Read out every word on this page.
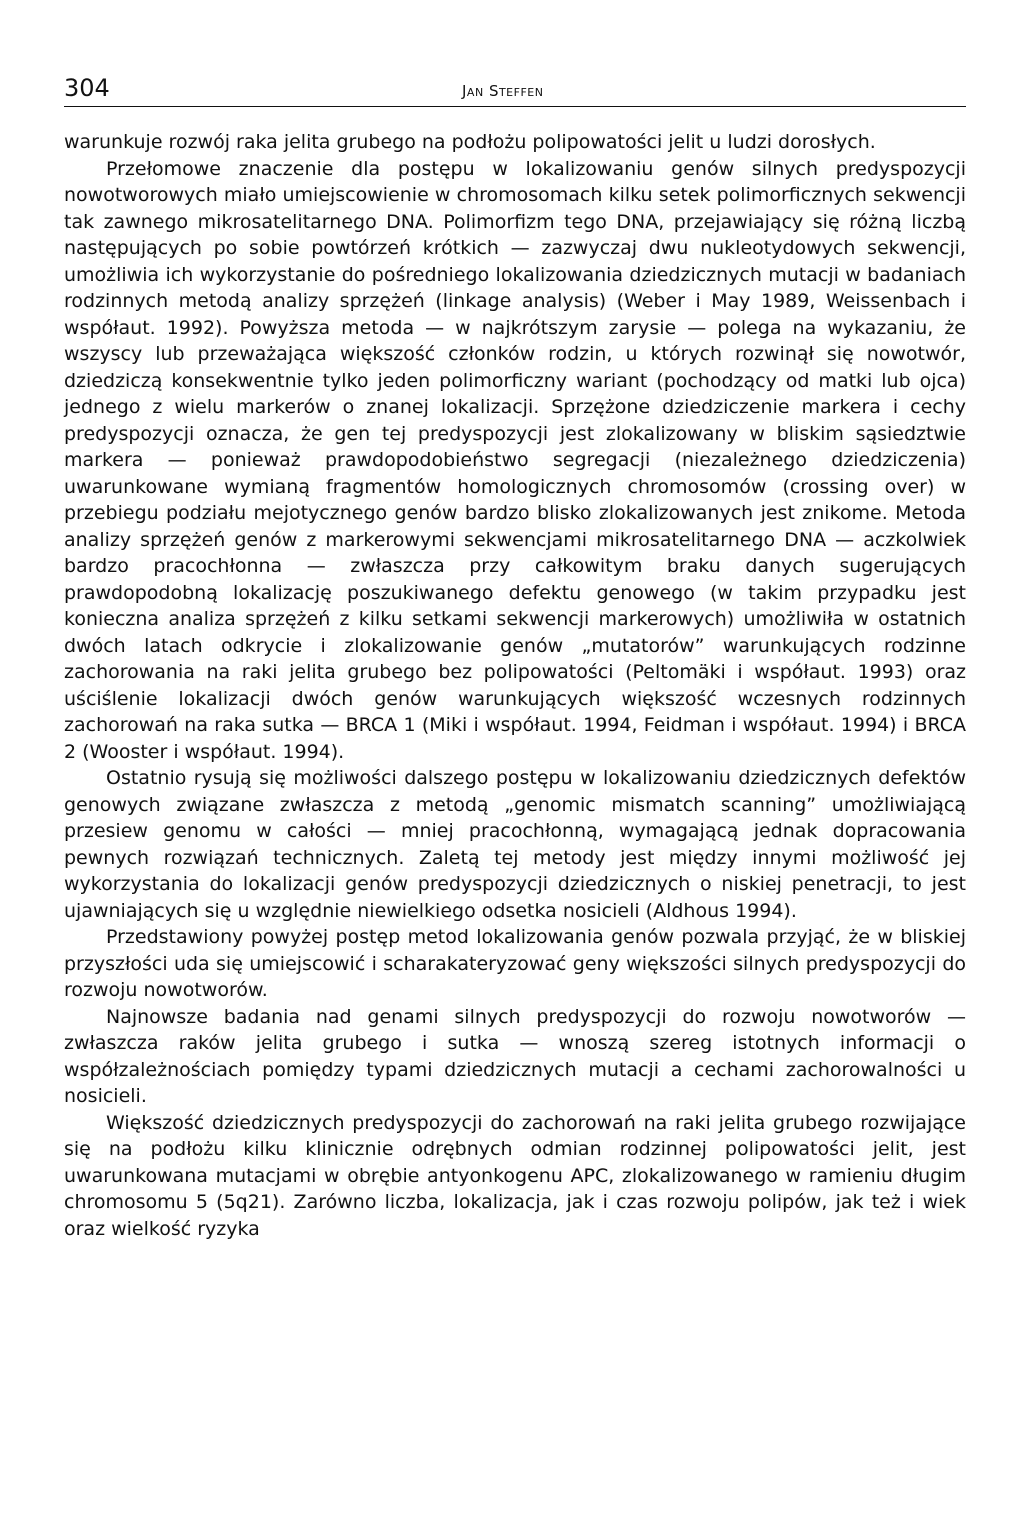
304	Jan Steffen

warunkuje rozwój raka jelita grubego na podłożu polipowatości jelit u ludzi dorosłych.

Przełomowe znaczenie dla postępu w lokalizowaniu genów silnych predyspozycji nowotworowych miało umiejscowienie w chromosomach kilku setek polimorficznych sekwencji tak zawnego mikrosatelitarnego DNA. Polimorfizm tego DNA, przejawiający się różną liczbą następujących po sobie powtórzeń krótkich — zazwyczaj dwu nukleotydowych sekwencji, umożliwia ich wykorzystanie do pośredniego lokalizowania dziedzicznych mutacji w badaniach rodzinnych metodą analizy sprzężeń (linkage analysis) (Weber i May 1989, Weissenbach i współaut. 1992). Powyższa metoda — w najkrótszym zarysie — polega na wykazaniu, że wszyscy lub przeważająca większość członków rodzin, u których rozwinął się nowotwór, dziedziczą konsekwentnie tylko jeden polimorficzny wariant (pochodzący od matki lub ojca) jednego z wielu markerów o znanej lokalizacji. Sprzężone dziedziczenie markera i cechy predyspozycji oznacza, że gen tej predyspozycji jest zlokalizowany w bliskim sąsiedztwie markera — ponieważ prawdopodobieństwo segregacji (niezależnego dziedziczenia) uwarunkowane wymianą fragmentów homologicznych chromosomów (crossing over) w przebiegu podziału mejotycznego genów bardzo blisko zlokalizowanych jest znikome. Metoda analizy sprzężeń genów z markerowymi sekwencjami mikrosatelitarnego DNA — aczkolwiek bardzo pracochłonna — zwłaszcza przy całkowitym braku danych sugerujących prawdopodobną lokalizację poszukiwanego defektu genowego (w takim przypadku jest konieczna analiza sprzężeń z kilku setkami sekwencji markerowych) umożliwiła w ostatnich dwóch latach odkrycie i zlokalizowanie genów „mutatorów” warunkujących rodzinne zachorowania na raki jelita grubego bez polipowatości (Peltomäki i współaut. 1993) oraz uściślenie lokalizacji dwóch genów warunkujących większość wczesnych rodzinnych zachorowań na raka sutka — BRCA 1 (Miki i współaut. 1994, Feidman i współaut. 1994) i BRCA 2 (Wooster i współaut. 1994).

Ostatnio rysują się możliwości dalszego postępu w lokalizowaniu dziedzicznych defektów genowych związane zwłaszcza z metodą „genomic mismatch scanning” umożliwiającą przesiew genomu w całości — mniej pracochłonną, wymagającą jednak dopracowania pewnych rozwiązań technicznych. Zaletą tej metody jest między innymi możliwość jej wykorzystania do lokalizacji genów predyspozycji dziedzicznych o niskiej penetracji, to jest ujawniających się u względnie niewielkiego odsetka nosicieli (Aldhous 1994).

Przedstawiony powyżej postęp metod lokalizowania genów pozwala przyjąć, że w bliskiej przyszłości uda się umiejscowić i scharakateryzować geny większości silnych predyspozycji do rozwoju nowotworów.

Najnowsze badania nad genami silnych predyspozycji do rozwoju nowotworów — zwłaszcza raków jelita grubego i sutka — wnoszą szereg istotnych informacji o współzależnościach pomiędzy typami dziedzicznych mutacji a cechami zachorowalności u nosicieli.

Większość dziedzicznych predyspozycji do zachorowań na raki jelita grubego rozwijające się na podłożu kilku klinicznie odrębnych odmian rodzinnej polipowatości jelit, jest uwarunkowana mutacjami w obrębie antyonkogenu APC, zlokalizowanego w ramieniu długim chromosomu 5 (5q21). Zarówno liczba, lokalizacja, jak i czas rozwoju polipów, jak też i wiek oraz wielkość ryzyka
